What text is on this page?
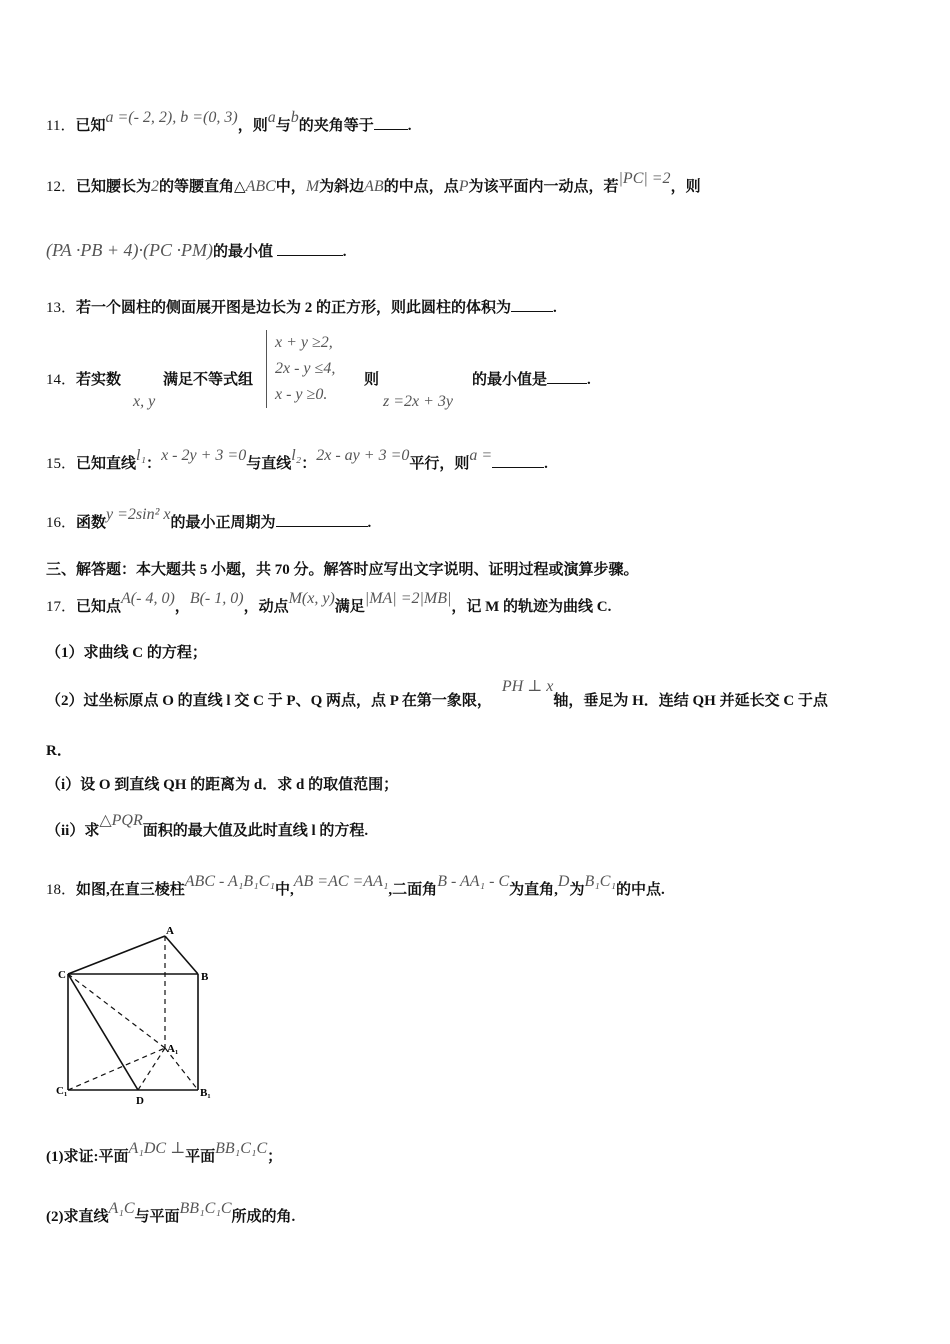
11．已知a =(- 2, 2), b =(0, 3)，则a与b的夹角等于 .
12．已知腰长为2的等腰直角△ABC中，M为斜边AB的中点，点P为该平面内一动点，若|PC| =2，则
(PA ·PB + 4)·(PC ·PM)的最小值	.
13．若一个圆柱的侧面展开图是边长为 2 的正方形，则此圆柱的体积为	.
14．若实数
x, y
满足不等式组
x + y ≥2,
2x - y ≤4,
x - y ≥0.
则
z =2x + 3y
的最小值是	.
15．已知直线l₁：x - 2y + 3 =0与直线l₂：2x - ay + 3 =0平行，则a =	.
16．函数y =2sin² x的最小正周期为	.
三、解答题：本大题共 5 小题，共 70 分。解答时应写出文字说明、证明过程或演算步骤。
17．已知点A(- 4, 0)，B(- 1, 0)，动点M(x, y)满足|MA| =2|MB|，记 M 的轨迹为曲线 C.
（1）求曲线 C 的方程；
（2）过坐标原点 O 的直线 l 交 C 于 P、Q 两点，点 P 在第一象限，PH ⊥ x轴，垂足为 H．连结 QH 并延长交 C 于点
R．
（i）设 O 到直线 QH 的距离为 d．求 d 的取值范围；
（ii）求△PQR面积的最大值及此时直线 l 的方程.
18．如图,在直三棱柱ABC - A₁B₁C₁中,AB =AC =AA₁,二面角B - AA₁ - C为直角,D为B₁C₁的中点.
A
B
C
A₁
B₁
C₁
D
(1)求证:平面A₁DC ⊥平面BB₁C₁C；
(2)求直线A₁C与平面BB₁C₁C所成的角.
